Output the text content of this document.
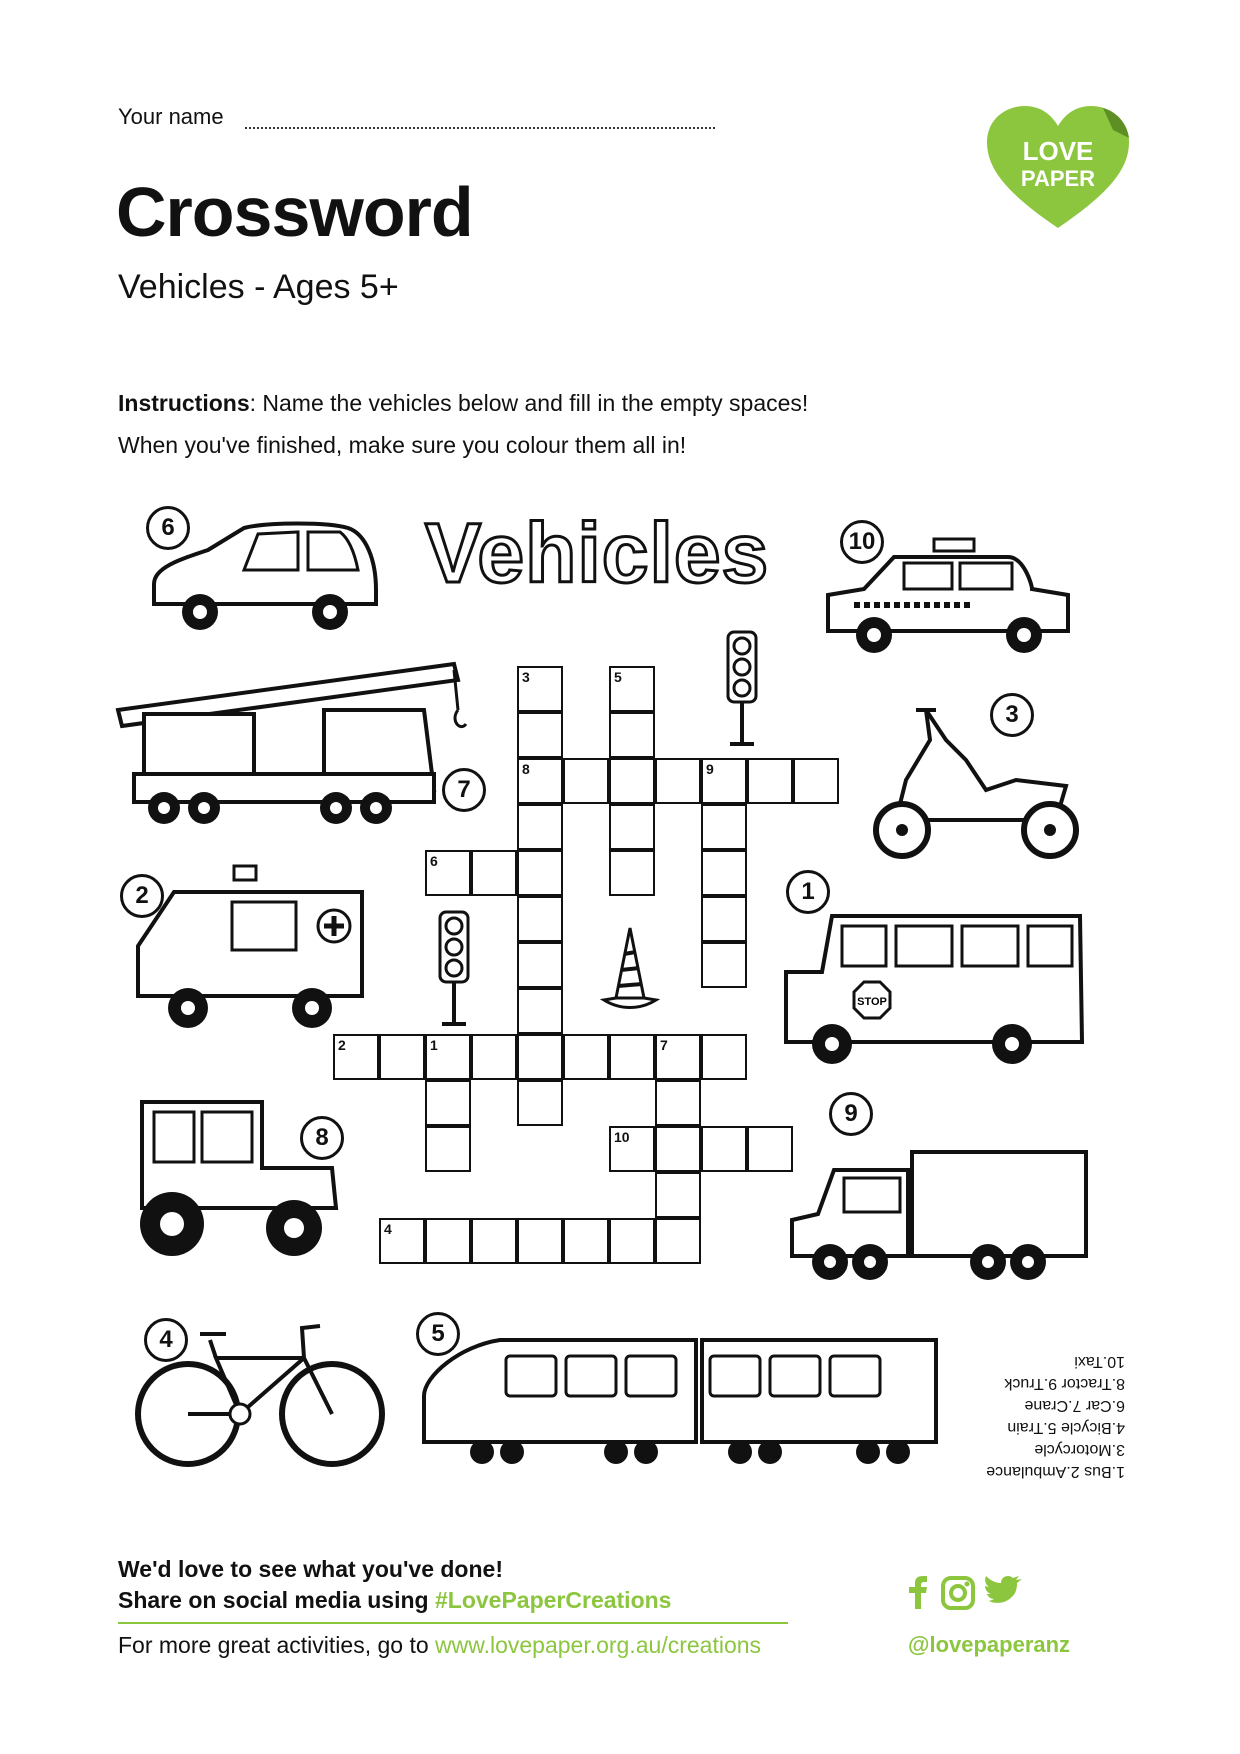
Your name
Crossword
Vehicles - Ages 5+
LOVE
PAPER
Instructions: Name the vehicles below and fill in the empty spaces!
When you've finished, make sure you colour them all in!
Vehicles
3
8
5
9
6
2	1	7
10
4
6
10
7
3
2
STOP
1
8
9
4	5
1.Bus 2.Ambulance
3.Motorcycle
4.Bicycle 5.Train
6.Car 7.Crane
8.Tractor 9.Truck
10.Taxi
We'd love to see what you've done!
Share on social media using #LovePaperCreations
For more great activities, go to www.lovepaper.org.au/creations	@lovepaperanz
